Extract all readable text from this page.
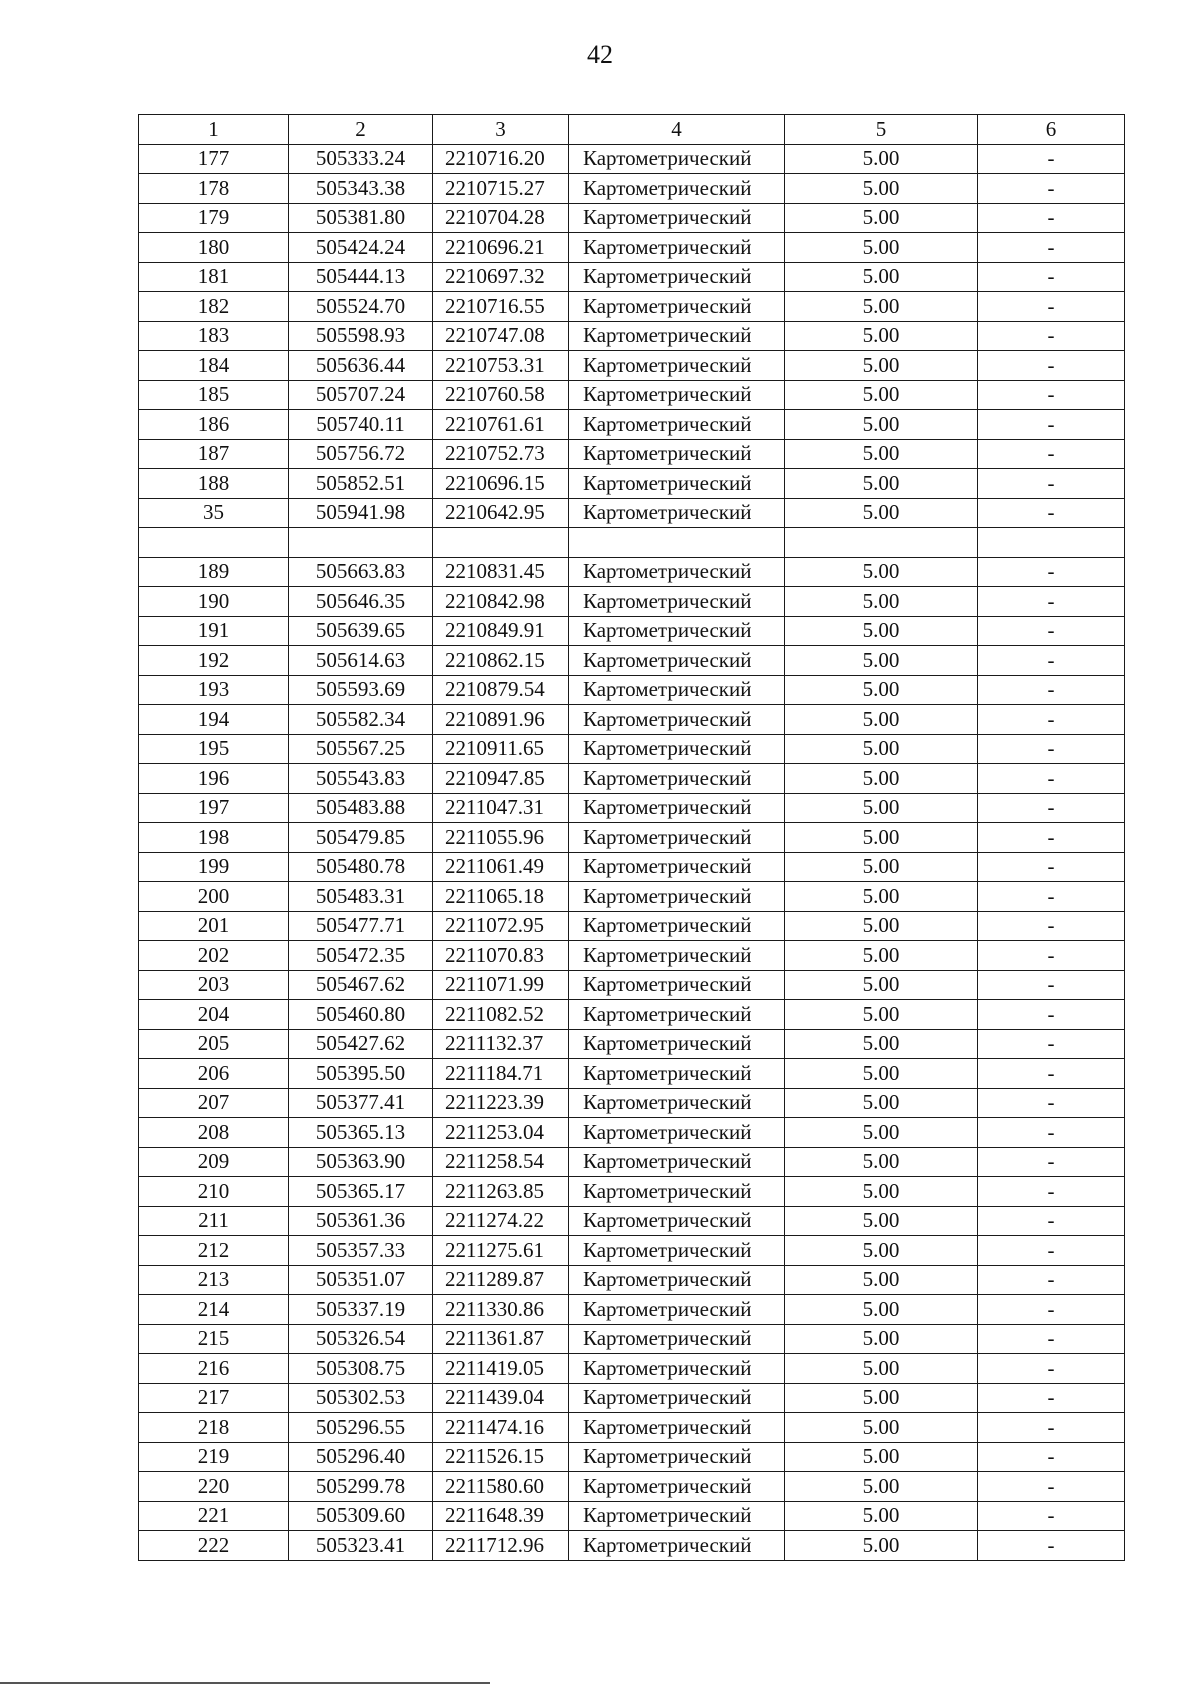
42
1	2	3	4	5	6
177	505333.24	2210716.20	Картометрический	5.00	-
178	505343.38	2210715.27	Картометрический	5.00	-
179	505381.80	2210704.28	Картометрический	5.00	-
180	505424.24	2210696.21	Картометрический	5.00	-
181	505444.13	2210697.32	Картометрический	5.00	-
182	505524.70	2210716.55	Картометрический	5.00	-
183	505598.93	2210747.08	Картометрический	5.00	-
184	505636.44	2210753.31	Картометрический	5.00	-
185	505707.24	2210760.58	Картометрический	5.00	-
186	505740.11	2210761.61	Картометрический	5.00	-
187	505756.72	2210752.73	Картометрический	5.00	-
188	505852.51	2210696.15	Картометрический	5.00	-
35	505941.98	2210642.95	Картометрический	5.00	-

189	505663.83	2210831.45	Картометрический	5.00	-
190	505646.35	2210842.98	Картометрический	5.00	-
191	505639.65	2210849.91	Картометрический	5.00	-
192	505614.63	2210862.15	Картометрический	5.00	-
193	505593.69	2210879.54	Картометрический	5.00	-
194	505582.34	2210891.96	Картометрический	5.00	-
195	505567.25	2210911.65	Картометрический	5.00	-
196	505543.83	2210947.85	Картометрический	5.00	-
197	505483.88	2211047.31	Картометрический	5.00	-
198	505479.85	2211055.96	Картометрический	5.00	-
199	505480.78	2211061.49	Картометрический	5.00	-
200	505483.31	2211065.18	Картометрический	5.00	-
201	505477.71	2211072.95	Картометрический	5.00	-
202	505472.35	2211070.83	Картометрический	5.00	-
203	505467.62	2211071.99	Картометрический	5.00	-
204	505460.80	2211082.52	Картометрический	5.00	-
205	505427.62	2211132.37	Картометрический	5.00	-
206	505395.50	2211184.71	Картометрический	5.00	-
207	505377.41	2211223.39	Картометрический	5.00	-
208	505365.13	2211253.04	Картометрический	5.00	-
209	505363.90	2211258.54	Картометрический	5.00	-
210	505365.17	2211263.85	Картометрический	5.00	-
211	505361.36	2211274.22	Картометрический	5.00	-
212	505357.33	2211275.61	Картометрический	5.00	-
213	505351.07	2211289.87	Картометрический	5.00	-
214	505337.19	2211330.86	Картометрический	5.00	-
215	505326.54	2211361.87	Картометрический	5.00	-
216	505308.75	2211419.05	Картометрический	5.00	-
217	505302.53	2211439.04	Картометрический	5.00	-
218	505296.55	2211474.16	Картометрический	5.00	-
219	505296.40	2211526.15	Картометрический	5.00	-
220	505299.78	2211580.60	Картометрический	5.00	-
221	505309.60	2211648.39	Картометрический	5.00	-
222	505323.41	2211712.96	Картометрический	5.00	-
